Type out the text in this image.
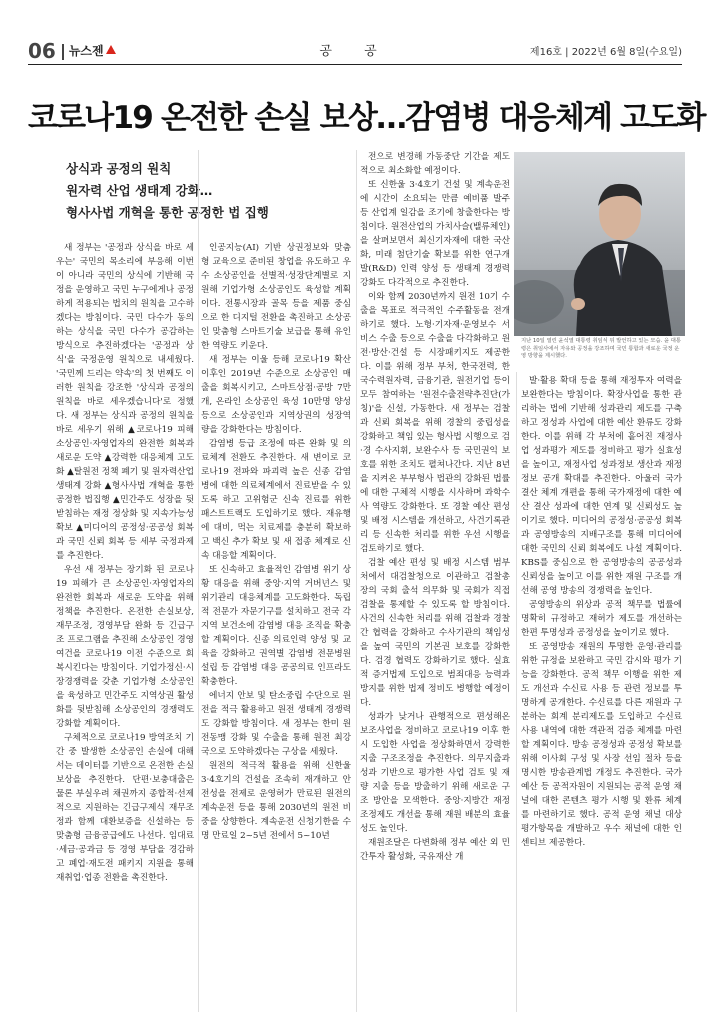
06 뉴스젠	공 공	제16호 | 2022년 6월 8일(수요일)
코로나19 온전한 손실 보상…감염병 대응체계 고도화
상식과 공정의 원칙
원자력 산업 생태계 강화…
형사사법 개혁을 통한 공정한 법 집행

새 정부는 '공정과 상식을 바로 세우는' 국민의 목소리에 부응해 이번이 아니라 국민의 상식에 기반해 국정을 운영하고 국민 누구에게나 공정하게 적용되는 법치의 원칙을 고수하겠다는 방침이다. 국민 다수가 동의하는 상식을 국민 다수가 공감하는 방식으로 추진하겠다는 '공정과 상식'을 국정운영 원칙으로 내세웠다. '국민께 드리는 약속'의 첫 번째도 이러한 원칙을 강조한 '상식과 공정의 원칙을 바로 세우겠습니다'로 정했다. 새 정부는 상식과 공정의 원칙을 바로 세우기 위해 ▲코로나19 피해 소상공인·자영업자의 완전한 회복과 새로운 도약 ▲강력한 대응체계 고도화 ▲탈원전 정책 폐기 및 원자력산업 생태계 강화 ▲형사사법 개혁을 통한 공정한 법집행 ▲민간주도 성장을 뒷받침하는 재정 정상화 및 지속가능성 확보 ▲미디어의 공정성·공공성 회복과 국민 신뢰 회복 등 세부 국정과제를 추진한다.

우선 새 정부는 장기화 된 코로나19 피해가 큰 소상공인·자영업자의 완전한 회복과 새로운 도약을 위해 정책을 추진한다. 온전한 손실보상, 재무조정, 경영부담 완화 등 긴급구조 프로그램을 추진해 소상공인 경영여건을 코로나19 이전 수준으로 회복시킨다는 방침이다. 기업가정신·시장경쟁력을 갖춘 기업가형 소상공인을 육성하고 민간주도 지역상권 활성화를 뒷받침해 소상공인의 경쟁력도 강화할 계획이다.

구체적으로 코로나19 방역조치 기간 중 발생한 소상공인 손실에 대해서는 데이터를 기반으로 온전한 손실보상을 추진한다. 단편·보충대출은 물론 부실우려 채권까지 종합적·선제적으로 지원하는 긴급구제식 재무조정과 함께 대환보증을 신설하는 등 맞춤형 금융공급에도 나선다. 임대료·세금·공과금 등 경영 부담을 경감하고 폐업·재도전 패키지 지원을 통해 재취업·업종 전환을 촉진한다.

인공지능(AI) 기반 상권정보와 맞춤형 교육으로 준비된 창업을 유도하고 우수 소상공인을 선별적·성장단계별로 지원해 기업가형 소상공인도 육성할 계획이다. 전통시장과 골목 등을 제품 중심으로 한 디지털 전환을 촉진하고 소상공인 맞춤형 스마트기술 보급을 통해 유인한 역량도 키운다.

새 정부는 이울 등해 코로나19 확산 이후인 2019년 수준으로 소상공인 매출을 회복시키고, 스마트상점·공방 7만개, 온라인 소상공인 육성 10만명 양성 등으로 소상공인과 지역상권의 성장역량을 강화한다는 방침이다.

감염병 등급 조정에 따른 완화 및 의료체계 전환도 추진한다. 새 변이로 코로나19 전파와 파괴력 높은 신종 감염병에 대한 의료체계에서 진료받을 수 있도록 하고 고위험군 신속 진료를 위한 패스트트랙도 도입하기로 했다. 재유행에 대비, 먹는 치료제를 충분히 확보하고 백신 추가 확보 및 새 접종 체계로 신속 대응할 계획이다.

또 신속하고 효율적인 감염병 위기 상황 대응을 위해 중앙·지역 거버넌스 및 위기관리 대응체계를 고도화한다. 독립적 전문가 자문기구를 설치하고 전국 각 지역 보건소에 감염병 대응 조직을 확충할 계획이다. 신종 의료인력 양성 및 교육을 강화하고 권역별 감염병 전문병원 설립 등 감염병 대응 공공의료 인프라도 확충한다.

에너지 안보 및 탄소중립 수단으로 원전을 적극 활용하고 원전 생태계 경쟁력도 강화할 방침이다. 새 정부는 한미 원전동맹 강화 및 수출을 통해 원전 최강국으로 도약하겠다는 구상을 세웠다.

원전의 적극적 활용을 위해 신한울 3·4호기의 건설을 조속히 재개하고 안전성을 전제로 운영허가 만료된 원전의 계속운전 등을 통해 2030년의 원전 비중을 상향한다. 계속운전 신청기한을 수명 만료일 2~5년 전에서 5~10년

전으로 변경해 가동중단 기간을 제도적으로 최소화할 예정이다.

또 신한울 3·4호기 건설 및 계속운전에 시간이 소요되는 만큼 예비품 발주 등 산업계 일감을 조기에 창출한다는 방침이다. 원전산업의 가치사슬(밸류체인)을 살펴보면서 최신기자재에 대한 국산화, 미래 첨단기술 확보를 위한 연구개발(R&D) 인력 양성 등 생태계 경쟁력 강화도 다각적으로 추진한다.

이와 함께 2030년까지 원전 10기 수출을 목표로 적극적인 수주활동을 전개하기로 했다. 노형·기자재·운영보수 서비스 수출 등으로 수출을 다각화하고 원전·방산·건설 등 시장패키지도 제공한다. 이를 위해 정부 부처, 한국전력, 한국수력원자력, 금융기관, 원전기업 등이 모두 참여하는 '원전수출전략추진단(가칭)'을 신설, 가동한다. 새 정부는 검찰과 신뢰 회복을 위해 경찰의 중립성을 강화하고 책임 있는 형사법 시행으로 검·경 수사지휘, 보완수사 등 국민권익 보호를 위한 조치도 펼쳐나간다. 지난 8년을 지켜온 부부형사 법관의 강화된 법률에 대한 구체적 시행을 시사하며 과학수사 역량도 강화한다. 또 경찰 예산 편성 및 배정 시스템을 개선하고, 사건기록관리 등 신속한 처리를 위한 우선 시행을 검토하기로 했다.

검찰 예산 편성 및 배정 시스템 범부처에서 대검찰청으로 이관하고 검찰총장의 국회 출석 의무화 및 국회가 직접 검찰을 통제할 수 있도록 할 방침이다. 사건의 신속한 처리를 위해 검찰과 경찰 간 협력을 강화하고 수사기관의 책임성을 높여 국민의 기본권 보호를 강화한다. 검경 협력도 강화하기로 했다. 실효적 증거법제 도입으로 범죄대응 능력과 방지를 위한 법제 정비도 병행할 예정이다.

성과가 낮거나 관행적으로 편성해온 보조사업을 정비하고 코로나19 이후 한시 도입한 사업을 정상화하면서 강력한 지출 구조조정을 추진한다. 의무지출과 성과 기반으로 평가한 사업 검토 및 재량 지출 등을 방출하기 위해 새로운 구조 방안을 모색한다. 중앙·지방간 재정조정제도 개선을 통해 재원 배분의 효율성도 높인다.

재원조달은 다변화해 정부 예산 외 민간투자 활성화, 국유재산 개

지난 10일 열린 윤석열 대통령 취임식 뒤 발언하고 있는 모습. 윤 대통령은 취임사에서 자유와 공정을 강조하며 국민 통합과 새로운 국정 운영 방향을 제시했다.

발·활용 확대 등을 통해 재정투자 여력을 보완한다는 방침이다. 확장사업을 통한 관리하는 법에 기반해 성과관리 제도를 구축하고 정성과 사업에 대한 예산 환류도 강화한다. 이를 위해 각 부처에 흩어진 재정사업 성과평가 제도를 정비하고 평가 실효성을 높이고, 재정사업 성과정보 생산과 재정정보 공개 확대를 추진한다. 아울러 국가 결산 체계 개편을 통해 국가재정에 대한 예산 결산 성과에 대한 연계 및 신뢰성도 높이기로 했다. 미디어의 공정성·공공성 회복과 공영방송의 지배구조를 통해 미디어에 대한 국민의 신뢰 회복에도 나설 계획이다. KBS를 중심으로 한 공영방송의 공공성과 신뢰성을 높이고 이를 위한 재원 구조를 개선해 공영 방송의 경쟁력을 높인다.

공영방송의 위상과 공적 책무를 법률에 명확히 규정하고 재허가 제도를 개선하는 한편 투명성과 공정성을 높이기로 했다.

또 공영방송 재원의 투명한 운영·관리를 위한 규정을 보완하고 국민 감시와 평가 기능을 강화한다. 공적 책무 이행을 위한 제도 개선과 수신료 사용 등 관련 정보를 투명하게 공개한다. 수신료를 다른 재원과 구분하는 회계 분리제도를 도입하고 수신료 사용 내역에 대한 객관적 검증 체계를 마련할 계획이다. 방송 공정성과 공정성 확보를 위해 이사회 구성 및 사장 선임 절차 등을 명시한 방송관계법 개정도 추진한다. 국가 예산 등 공적자원이 지원되는 공적 운영 채널에 대한 콘텐츠 평가 시행 및 환류 체계를 마련하기로 했다. 공적 운영 채널 대상 평가항목을 개발하고 우수 채널에 대한 인센티브 제공한다.
